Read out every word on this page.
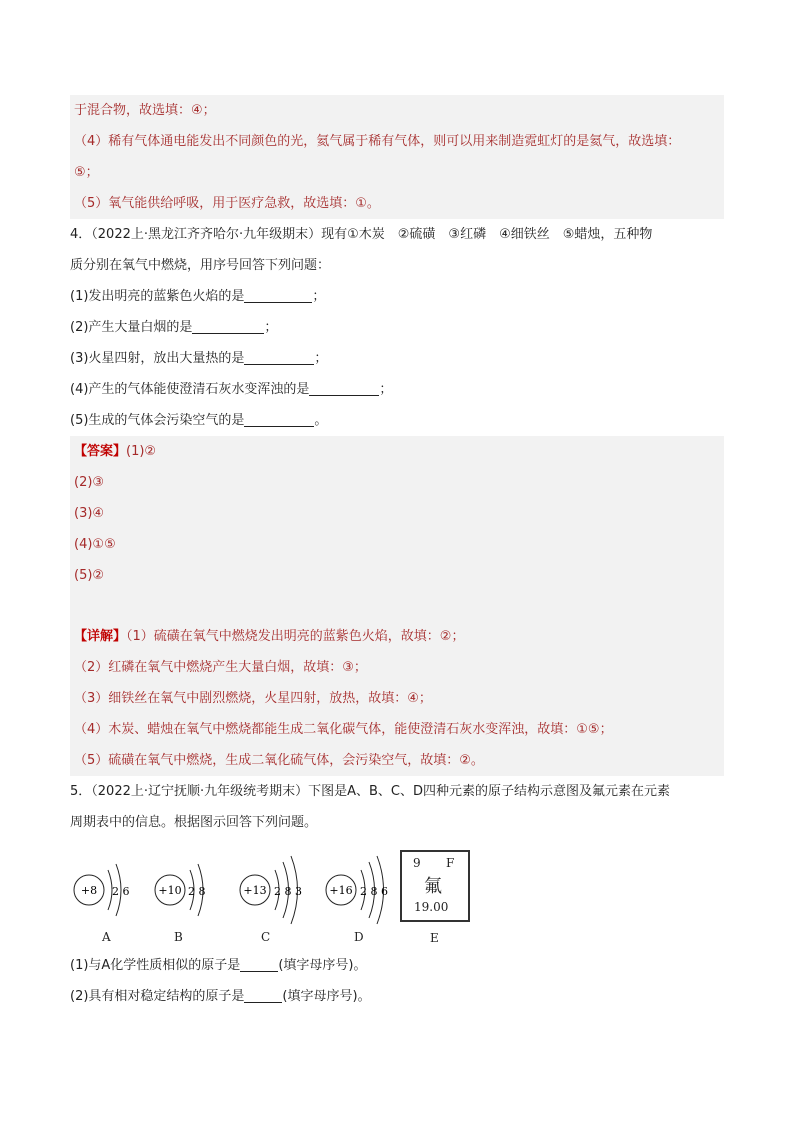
于混合物，故选填：④；
（4）稀有气体通电能发出不同颜色的光，氦气属于稀有气体，则可以用来制造霓虹灯的是氦气，故选填：
⑤；
（5）氧气能供给呼吸，用于医疗急救，故选填：①。
4．（2022上·黑龙江齐齐哈尔·九年级期末）现有①木炭　②硫磺　③红磷　④细铁丝　⑤蜡烛，五种物
质分别在氧气中燃烧，用序号回答下列问题：
(1)发出明亮的蓝紫色火焰的是	；
(2)产生大量白烟的是	；
(3)火星四射，放出大量热的是	；
(4)产生的气体能使澄清石灰水变浑浊的是	；
(5)生成的气体会污染空气的是	。
【答案】(1)②
(2)③
(3)④
(4)①⑤
(5)②
【详解】（1）硫磺在氧气中燃烧发出明亮的蓝紫色火焰，故填：②；
（2）红磷在氧气中燃烧产生大量白烟，故填：③；
（3）细铁丝在氧气中剧烈燃烧，火星四射，放热，故填：④；
（4）木炭、蜡烛在氧气中燃烧都能生成二氧化碳气体，能使澄清石灰水变浑浊，故填：①⑤；
（5）硫磺在氧气中燃烧，生成二氧化硫气体，会污染空气，故填：②。
5．（2022上·辽宁抚顺·九年级统考期末）下图是A、B、C、D四种元素的原子结构示意图及氟元素在元素
周期表中的信息。根据图示回答下列问题。
+8 2 6	+10 2 8	+13 2 8 3 +16 2 8 6
A	B	C	D	E
9 F
氟
19.00
(1)与A化学性质相似的原子是	(填字母序号)。
(2)具有相对稳定结构的原子是	(填字母序号)。
